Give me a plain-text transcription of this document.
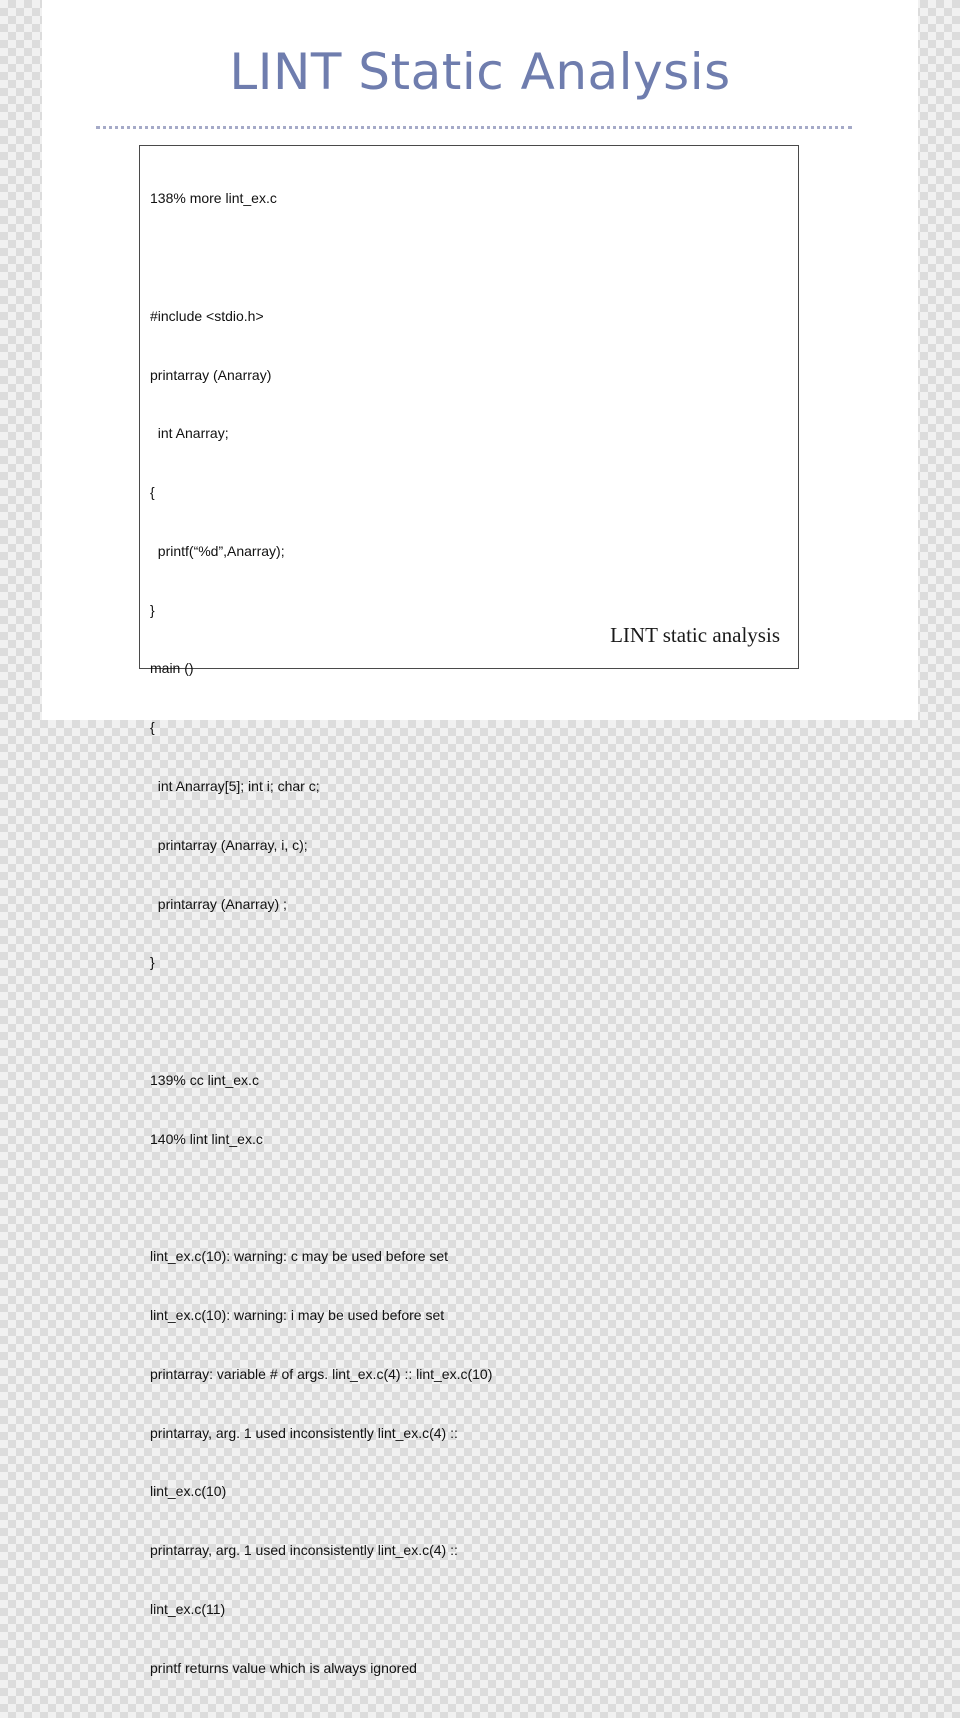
LINT Static Analysis

138% more lint_ex.c

#include <stdio.h>

printarray (Anarray)

int Anarray;

{

printf(“%d”,Anarray);

}

main ()

{

int Anarray[5]; int i; char c;

printarray (Anarray, i, c);

printarray (Anarray) ;

}

139% cc lint_ex.c

140% lint lint_ex.c

lint_ex.c(10): warning: c may be used before set

lint_ex.c(10): warning: i may be used before set

printarray: variable # of args. lint_ex.c(4) :: lint_ex.c(10)

printarray, arg. 1 used inconsistently lint_ex.c(4) ::

lint_ex.c(10)

printarray, arg. 1 used inconsistently lint_ex.c(4) ::

lint_ex.c(11)

printf returns value which is always ignored

LINT static analysis
